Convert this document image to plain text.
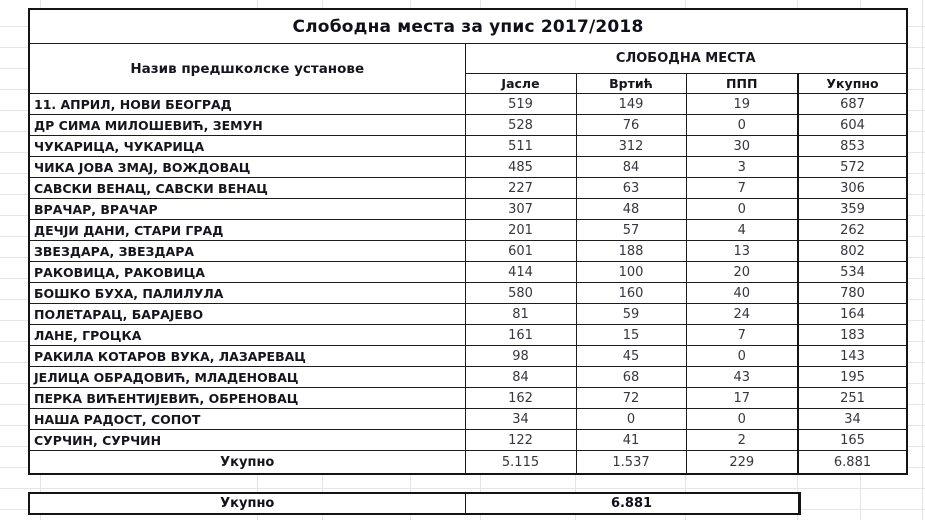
Слободна места за упис 2017/2018				
Назив предшколске установе	СЛОБОДНА МЕСТА			
	Јасле	Вртић	ППП	Укупно
11. АПРИЛ, НОВИ БЕОГРАД	519	149	19	687
ДР СИМА МИЛОШЕВИЋ, ЗЕМУН	528	76	0	604
ЧУКАРИЦА, ЧУКАРИЦА	511	312	30	853
ЧИКА ЈОВА ЗМАЈ, ВОЖДОВАЦ	485	84	3	572
САВСКИ ВЕНАЦ, САВСКИ ВЕНАЦ	227	63	7	306
ВРАЧАР, ВРАЧАР	307	48	0	359
ДЕЧЈИ ДАНИ, СТАРИ ГРАД	201	57	4	262
ЗВЕЗДАРА, ЗВЕЗДАРА	601	188	13	802
РАКОВИЦА, РАКОВИЦА	414	100	20	534
БОШКО БУХА, ПАЛИЛУЛА	580	160	40	780
ПОЛЕТАРАЦ, БАРАЈЕВО	81	59	24	164
ЛАНЕ, ГРОЦКА	161	15	7	183
РАКИЛА КОТАРОВ ВУКА, ЛАЗАРЕВАЦ	98	45	0	143
ЈЕЛИЦА ОБРАДОВИЋ, МЛАДЕНОВАЦ	84	68	43	195
ПЕРКА ВИЋЕНТИЈЕВИЋ, ОБРЕНОВАЦ	162	72	17	251
НАША РАДОСТ, СОПОТ	34	0	0	34
СУРЧИН, СУРЧИН	122	41	2	165
Укупно	5.115	1.537	229	6.881
Укупно	6.881
